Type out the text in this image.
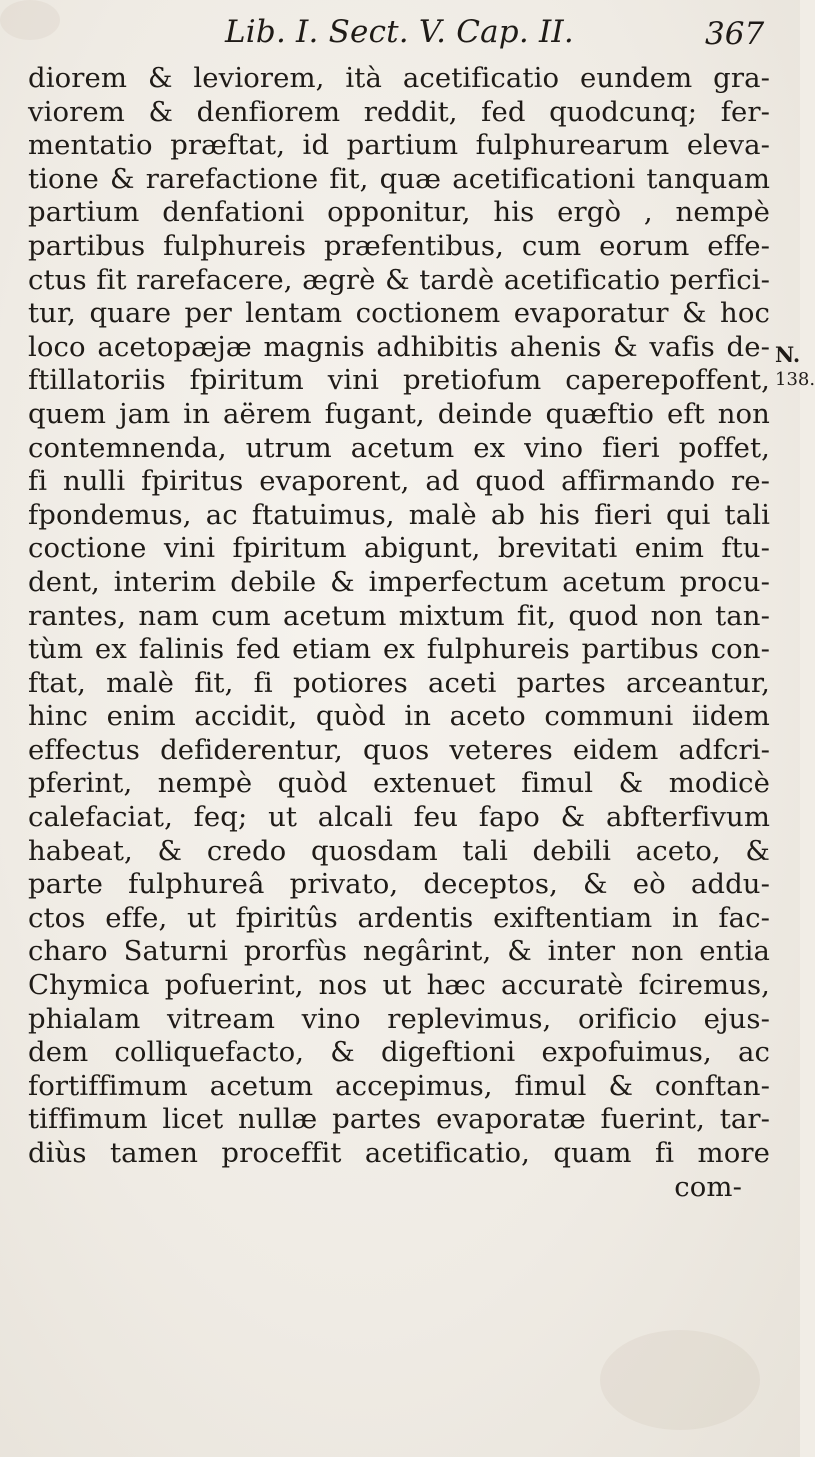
Lib. I. Sect. V. Cap. II.	367
N.
138.
diorem & leviorem, ità acetificatio eundem gra-
viorem & denfiorem reddit, fed quodcunq; fer-
mentatio præftat, id partium fulphurearum eleva-
tione & rarefactione fit, quæ acetificationi tanquam
partium denfationi opponitur, his ergò , nempè
partibus fulphureis præfentibus, cum eorum effe-
ctus fit rarefacere, ægrè & tardè acetificatio perfici-
tur, quare per lentam coctionem evaporatur & hoc
loco acetopæjæ magnis adhibitis ahenis & vafis de-
ftillatoriis fpiritum vini pretiofum caperepoffent,
quem jam in aërem fugant, deinde quæftio eft non
contemnenda, utrum acetum ex vino fieri poffet,
fi nulli fpiritus evaporent, ad quod affirmando re-
fpondemus, ac ftatuimus, malè ab his fieri qui tali
coctione vini fpiritum abigunt, brevitati enim ftu-
dent, interim debile & imperfectum acetum procu-
rantes, nam cum acetum mixtum fit, quod non tan-
tùm ex falinis fed etiam ex fulphureis partibus con-
ftat, malè fit, fi potiores aceti partes arceantur,
hinc enim accidit, quòd in aceto communi iidem
effectus defiderentur, quos veteres eidem adfcri-
pferint, nempè quòd extenuet fimul & modicè
calefaciat, feq; ut alcali feu fapo & abfterfivum
habeat, & credo quosdam tali debili aceto, &
parte fulphureâ privato, deceptos, & eò addu-
ctos effe, ut fpiritûs ardentis exiftentiam in fac-
charo Saturni prorfùs negârint, & inter non entia
Chymica pofuerint, nos ut hæc accuratè fciremus,
phialam vitream vino replevimus, orificio ejus-
dem colliquefacto, & digeftioni expofuimus, ac
fortiffimum acetum accepimus, fimul & conftan-
tiffimum licet nullæ partes evaporatæ fuerint, tar-
diùs tamen proceffit acetificatio, quam fi more
com-
